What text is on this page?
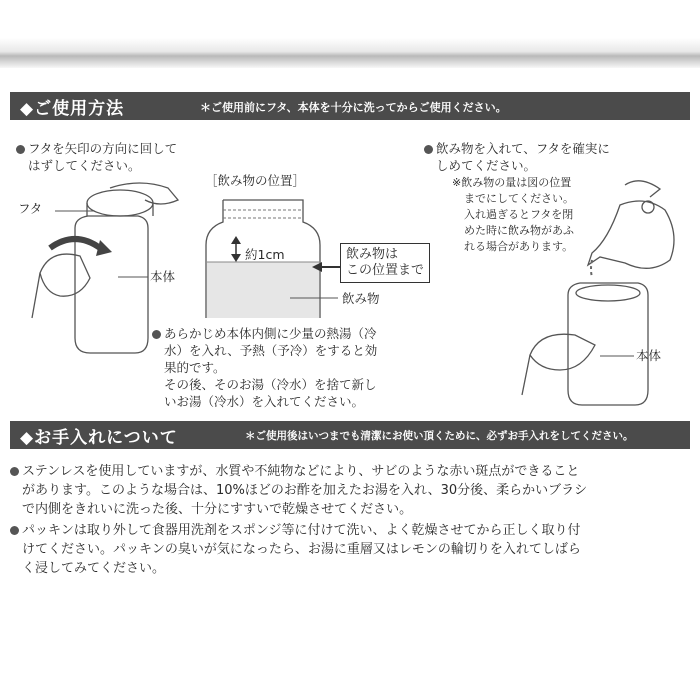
◆ご使用方法	＊ご使用前にフタ、本体を十分に洗ってからご使用ください。
フタを矢印の方向に回して
はずしてください。
フタ
本体
［飲み物の位置］
約1cm	飲み物は
この位置まで
飲み物
あらかじめ本体内側に少量の熱湯（冷
水）を入れ、予熱（予冷）をすると効
果的です。
その後、そのお湯（冷水）を捨て新し
いお湯（冷水）を入れてください。
飲み物を入れて、フタを確実に
しめてください。
※飲み物の量は図の位置
までにしてください。
入れ過ぎるとフタを閉
めた時に飲み物があふ
れる場合があります。
本体
◆お手入れについて	＊ご使用後はいつまでも清潔にお使い頂くために、必ずお手入れをしてください。
ステンレスを使用していますが、水質や不純物などにより、サビのような赤い斑点ができること
があります。このような場合は、10%ほどのお酢を加えたお湯を入れ、30分後、柔らかいブラシ
で内側をきれいに洗った後、十分にすすいで乾燥させてください。
パッキンは取り外して食器用洗剤をスポンジ等に付けて洗い、よく乾燥させてから正しく取り付
けてください。パッキンの臭いが気になったら、お湯に重層又はレモンの輪切りを入れてしばら
く浸してみてください。
